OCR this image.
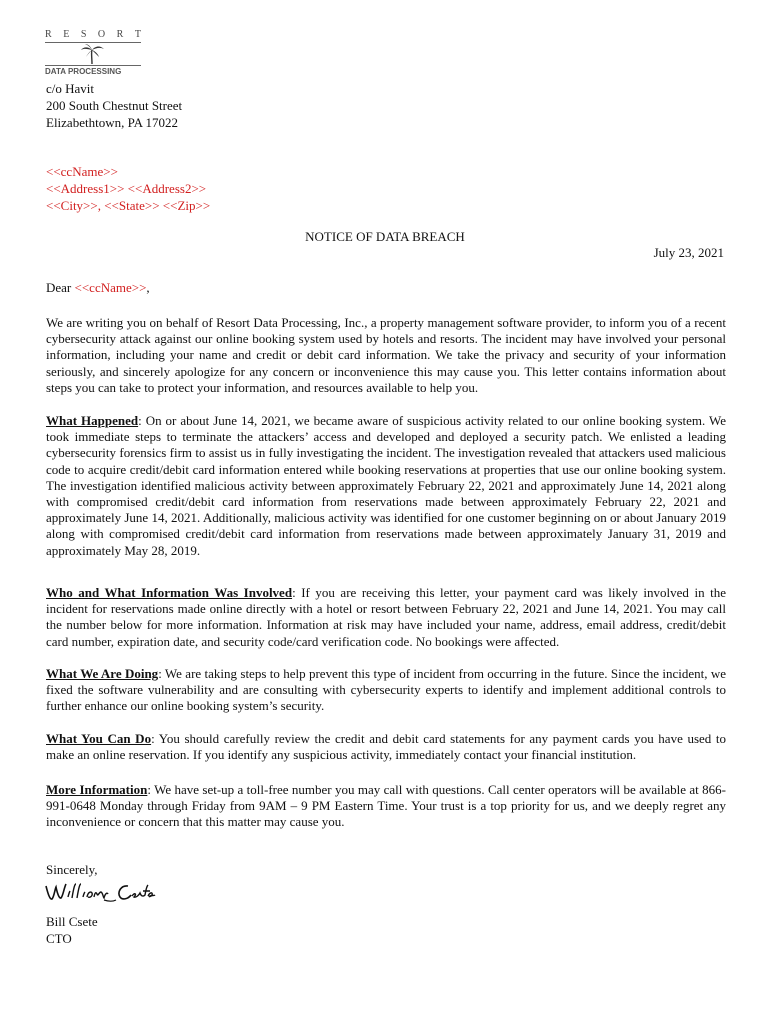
R E S O R T
DATA PROCESSING
c/o Havit
200 South Chestnut Street
Elizabethtown, PA 17022
<<ccName>>
<<Address1>> <<Address2>>
<<City>>, <<State>> <<Zip>>
NOTICE OF DATA BREACH
July 23, 2021
Dear <<ccName>>,
We are writing you on behalf of Resort Data Processing, Inc., a property management software provider, to inform you of a recent cybersecurity attack against our online booking system used by hotels and resorts. The incident may have involved your personal information, including your name and credit or debit card information. We take the privacy and security of your information seriously, and sincerely apologize for any concern or inconvenience this may cause you. This letter contains information about steps you can take to protect your information, and resources available to help you.
What Happened: On or about June 14, 2021, we became aware of suspicious activity related to our online booking system. We took immediate steps to terminate the attackers’ access and developed and deployed a security patch. We enlisted a leading cybersecurity forensics firm to assist us in fully investigating the incident. The investigation revealed that attackers used malicious code to acquire credit/debit card information entered while booking reservations at properties that use our online booking system. The investigation identified malicious activity between approximately February 22, 2021 and approximately June 14, 2021 along with compromised credit/debit card information from reservations made between approximately February 22, 2021 and approximately June 14, 2021. Additionally, malicious activity was identified for one customer beginning on or about January 2019 along with compromised credit/debit card information from reservations made between approximately January 31, 2019 and approximately May 28, 2019.
Who and What Information Was Involved: If you are receiving this letter, your payment card was likely involved in the incident for reservations made online directly with a hotel or resort between February 22, 2021 and June 14, 2021. You may call the number below for more information. Information at risk may have included your name, address, email address, credit/debit card number, expiration date, and security code/card verification code. No bookings were affected.
What We Are Doing: We are taking steps to help prevent this type of incident from occurring in the future. Since the incident, we fixed the software vulnerability and are consulting with cybersecurity experts to identify and implement additional controls to further enhance our online booking system’s security.
What You Can Do: You should carefully review the credit and debit card statements for any payment cards you have used to make an online reservation. If you identify any suspicious activity, immediately contact your financial institution.
More Information: We have set-up a toll-free number you may call with questions. Call center operators will be available at 866-991-0648 Monday through Friday from 9AM – 9 PM Eastern Time. Your trust is a top priority for us, and we deeply regret any inconvenience or concern that this matter may cause you.
Sincerely,
Bill Csete
CTO
